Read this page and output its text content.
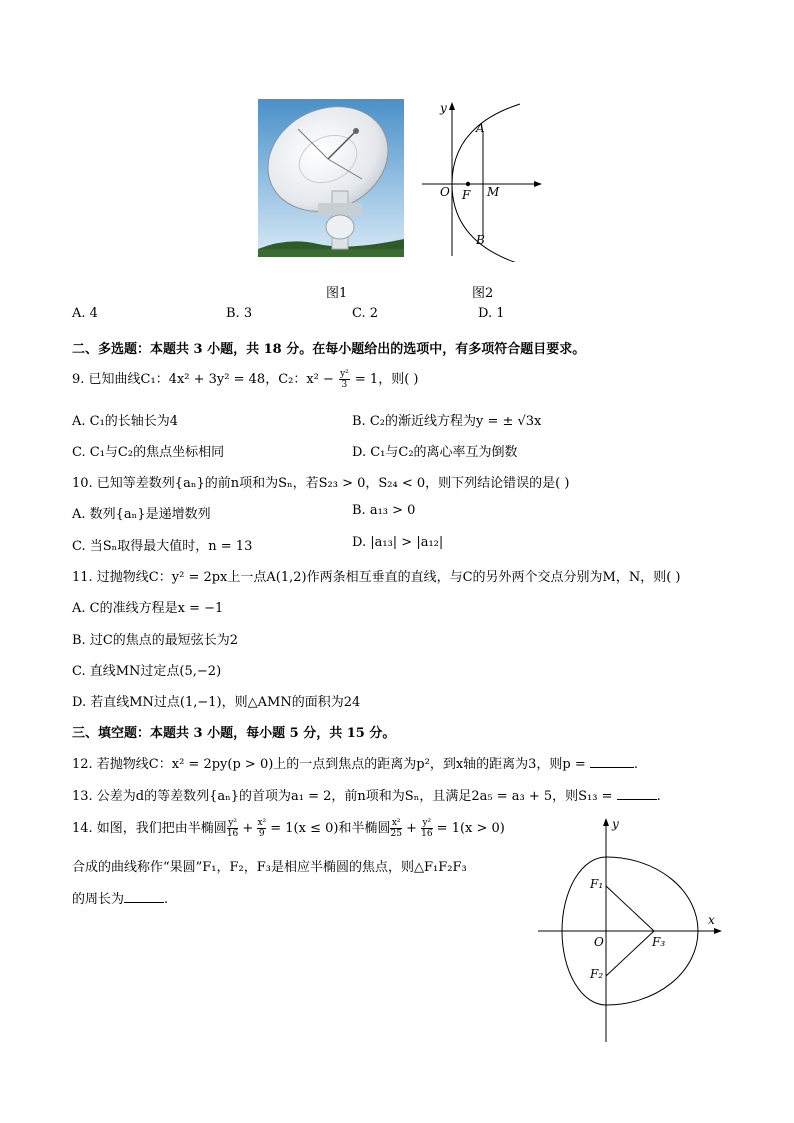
y
A
O F M
B
图1	图2
A. 4	B. 3	C. 2	D. 1
二、多选题：本题共 3 小题，共 18 分。在每小题给出的选项中，有多项符合题目要求。
9. 已知曲线C₁：4x² + 3y² = 48，C₂：$x^2 - \frac{\text{y²}}{3} = 1$，则( )
A. C₁的长轴长为4	B. C₂的渐近线方程为y = ± √3x
C. C₁与C₂的焦点坐标相同	D. C₁与C₂的离心率互为倒数
10. 已知等差数列{aₙ}的前n项和为Sₙ，若S₂₃ > 0，S₂₄ < 0，则下列结论错误的是( )
A. 数列{aₙ}是递增数列	B. a₁₃ > 0
C. 当Sₙ取得最大值时，n = 13	D. |a₁₃| > |a₁₂|
11. 过抛物线C：y² = 2px上一点A(1,2)作两条相互垂直的直线，与C的另外两个交点分别为M，N，则( )
A. C的准线方程是x = −1
B. 过C的焦点的最短弦长为2
C. 直线MN过定点(5,−2)
D. 若直线MN过点(1,−1)，则△AMN的面积为24
三、填空题：本题共 3 小题，每小题 5 分，共 15 分。
12. 若抛物线C：x² = 2py(p > 0)上的一点到焦点的距离为p²，到x轴的距离为3，则p =	.
13. 公差为d的等差数列{aₙ}的首项为a₁ = 2，前n项和为Sₙ，且满足2a₅ = a₃ + 5，则S₁₃ =	.
14. 如图，我们把由半椭圆 $\frac{\text{y²}}{16} + \frac{\text{x²}}{9} = 1(x \le 0)$和半椭圆 $\frac{\text{x²}}{25} + \frac{\text{y²}}{16} = 1(x > 0)$
合成的曲线称作“果圆”F₁，F₂，F₃是相应半椭圆的焦点，则△F₁F₂F₃
的周长为	.
y
x
O
F₁
F₂
F₃
